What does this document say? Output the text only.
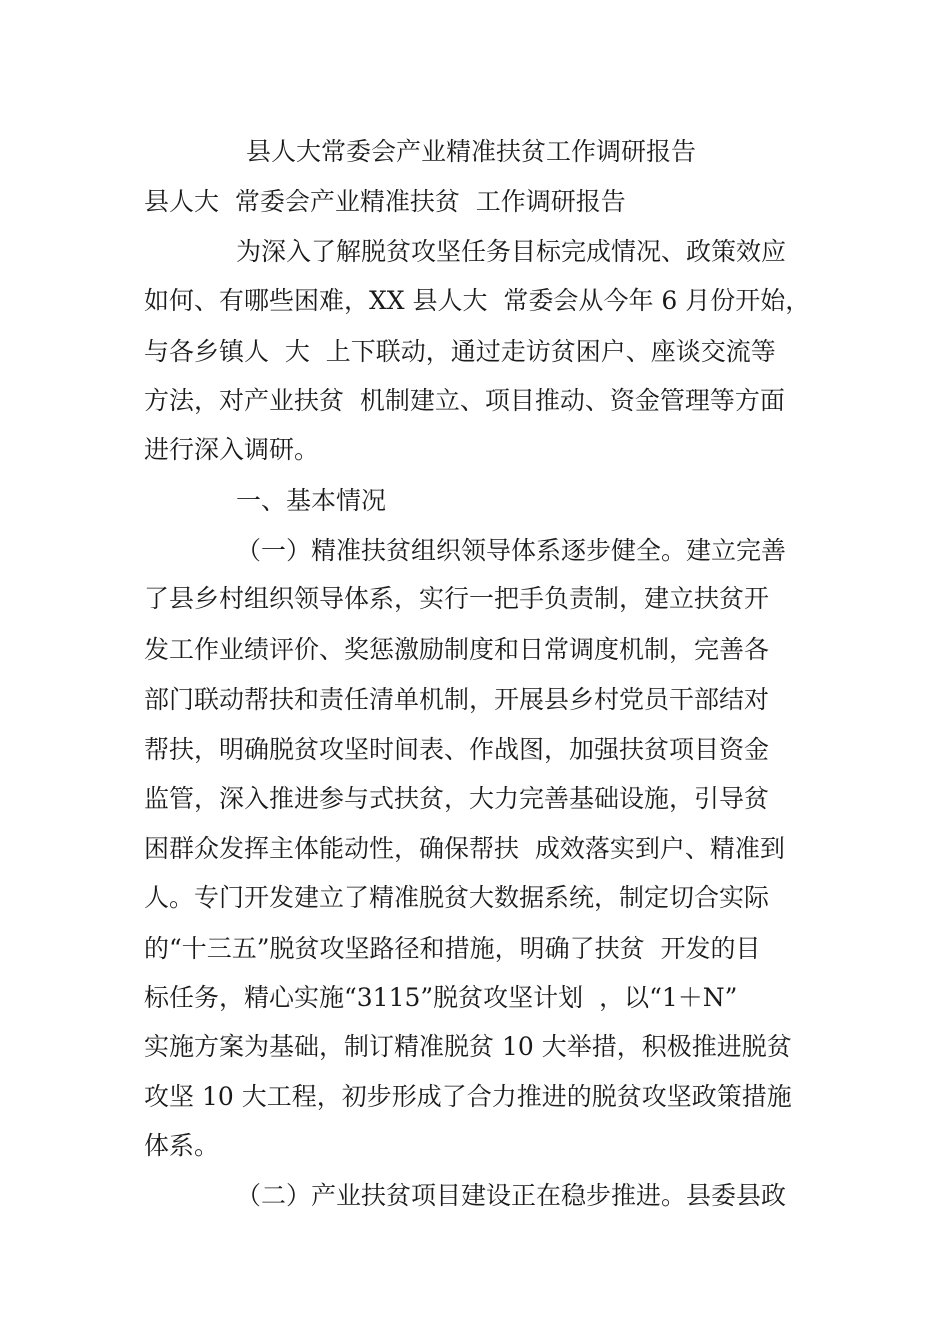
县人大常委会产业精准扶贫工作调研报告
县人大  常委会产业精准扶贫  工作调研报告
为深入了解脱贫攻坚任务目标完成情况、政策效应
如何、有哪些困难，XX 县人大  常委会从今年 6 月份开始，
与各乡镇人  大  上下联动，通过走访贫困户、座谈交流等
方法，对产业扶贫  机制建立、项目推动、资金管理等方面
进行深入调研。
一、基本情况
（一）精准扶贫组织领导体系逐步健全。建立完善
了县乡村组织领导体系，实行一把手负责制，建立扶贫开
发工作业绩评价、奖惩激励制度和日常调度机制，完善各
部门联动帮扶和责任清单机制，开展县乡村党员干部结对
帮扶，明确脱贫攻坚时间表、作战图，加强扶贫项目资金
监管，深入推进参与式扶贫，大力完善基础设施，引导贫
困群众发挥主体能动性，确保帮扶  成效落实到户、精准到
人。专门开发建立了精准脱贫大数据系统，制定切合实际
的“十三五”脱贫攻坚路径和措施，明确了扶贫  开发的目
标任务，精心实施“3115”脱贫攻坚计划  ，以“1＋N”
实施方案为基础，制订精准脱贫 10 大举措，积极推进脱贫
攻坚 10 大工程，初步形成了合力推进的脱贫攻坚政策措施
体系。
（二）产业扶贫项目建设正在稳步推进。县委县政
